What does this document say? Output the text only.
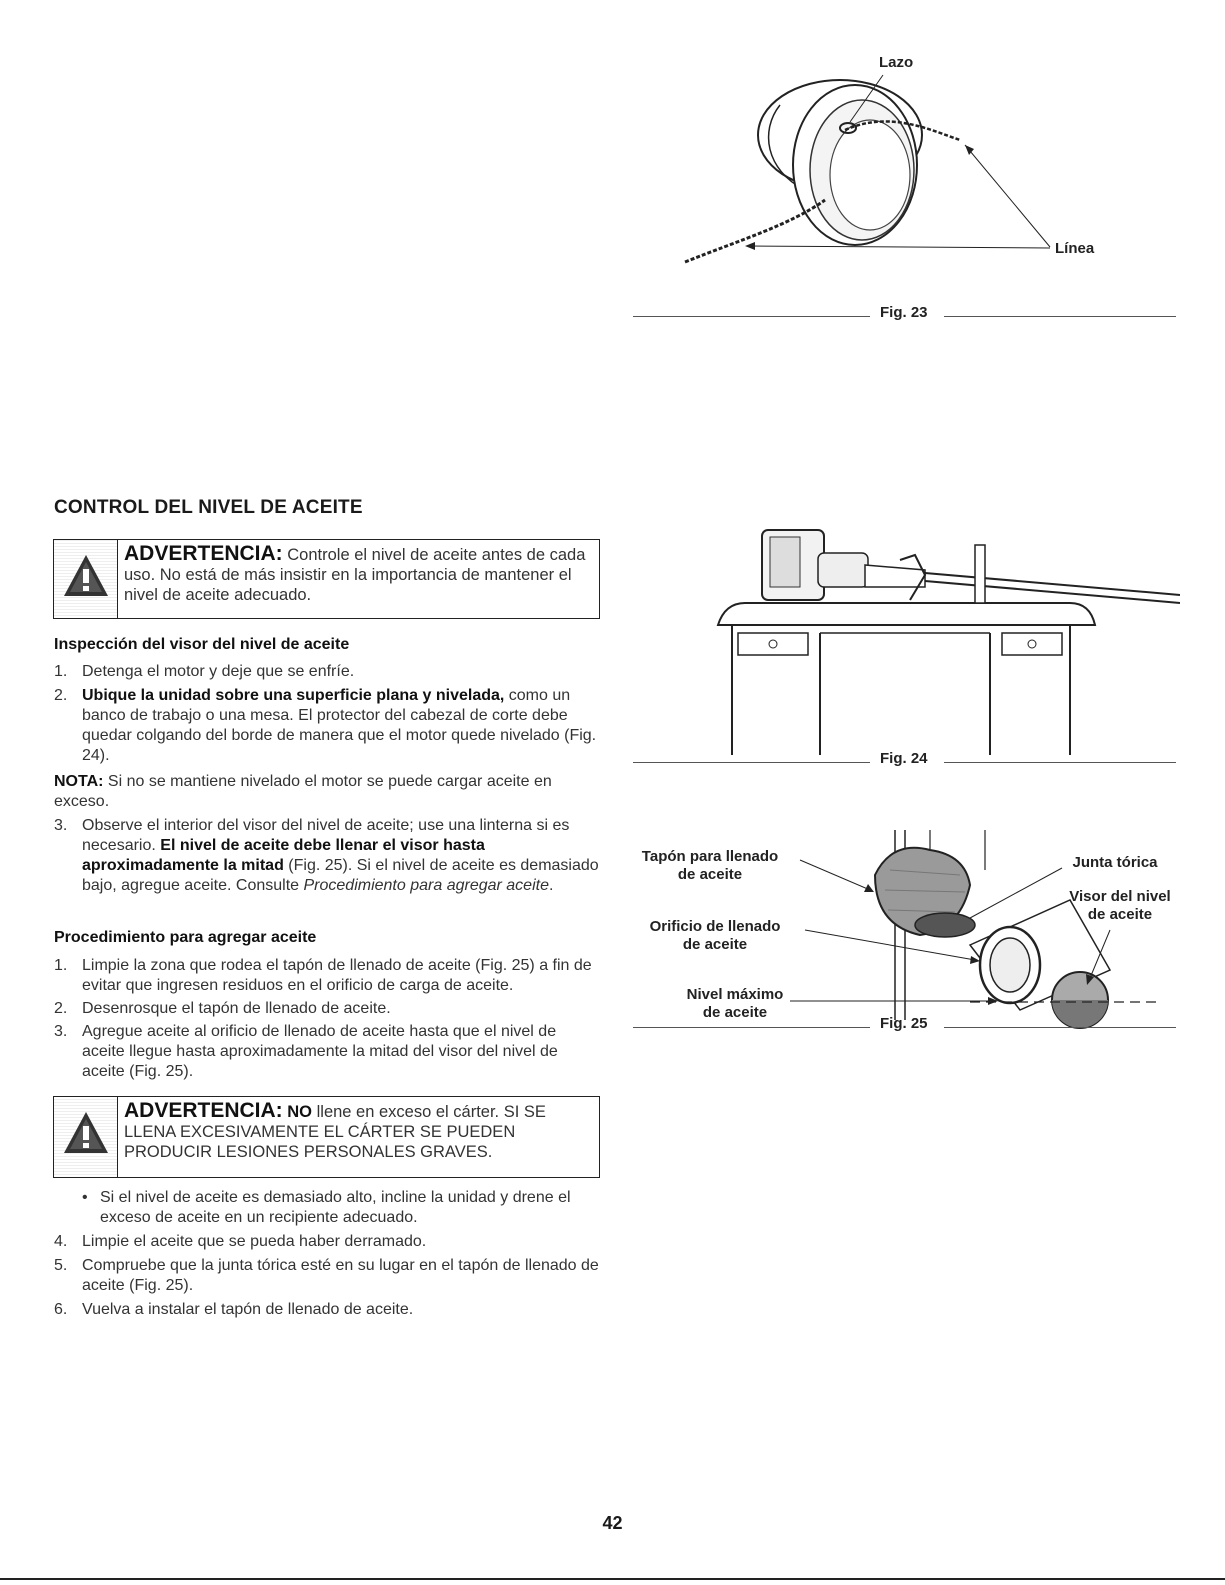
Lazo
Línea
Fig. 23
CONTROL DEL NIVEL DE ACEITE
ADVERTENCIA: Controle el nivel de aceite antes de cada uso. No está de más insistir en la importancia de mantener el nivel de aceite adecuado.
Inspección del visor del nivel de aceite
1. Detenga el motor y deje que se enfríe.
2. Ubique la unidad sobre una superficie plana y nivelada, como un banco de trabajo o una mesa. El protector del cabezal de corte debe quedar colgando del borde de manera que el motor quede nivelado (Fig. 24).
NOTA: Si no se mantiene nivelado el motor se puede cargar aceite en exceso.
3. Observe el interior del visor del nivel de aceite; use una linterna si es necesario. El nivel de aceite debe llenar el visor hasta aproximadamente la mitad (Fig. 25). Si el nivel de aceite es demasiado bajo, agregue aceite. Consulte Procedimiento para agregar aceite.
Procedimiento para agregar aceite
1. Limpie la zona que rodea el tapón de llenado de aceite (Fig. 25) a fin de evitar que ingresen residuos en el orificio de carga de aceite.
2. Desenrosque el tapón de llenado de aceite.
3. Agregue aceite al orificio de llenado de aceite hasta que el nivel de aceite llegue hasta aproximadamente la mitad del visor del nivel de aceite (Fig. 25).
ADVERTENCIA: NO llene en exceso el cárter. SI SE LLENA EXCESIVAMENTE EL CÁRTER SE PUEDEN PRODUCIR LESIONES PERSONALES GRAVES.
• Si el nivel de aceite es demasiado alto, incline la unidad y drene el exceso de aceite en un recipiente adecuado.
4. Limpie el aceite que se pueda haber derramado.
5. Compruebe que la junta tórica esté en su lugar en el tapón de llenado de aceite (Fig. 25).
6. Vuelva a instalar el tapón de llenado de aceite.
Fig. 24
Tapón para llenado
de aceite
Orificio de llenado
de aceite
Nivel máximo
de aceite
Junta tórica
Visor del nivel
de aceite
Fig. 25
42
